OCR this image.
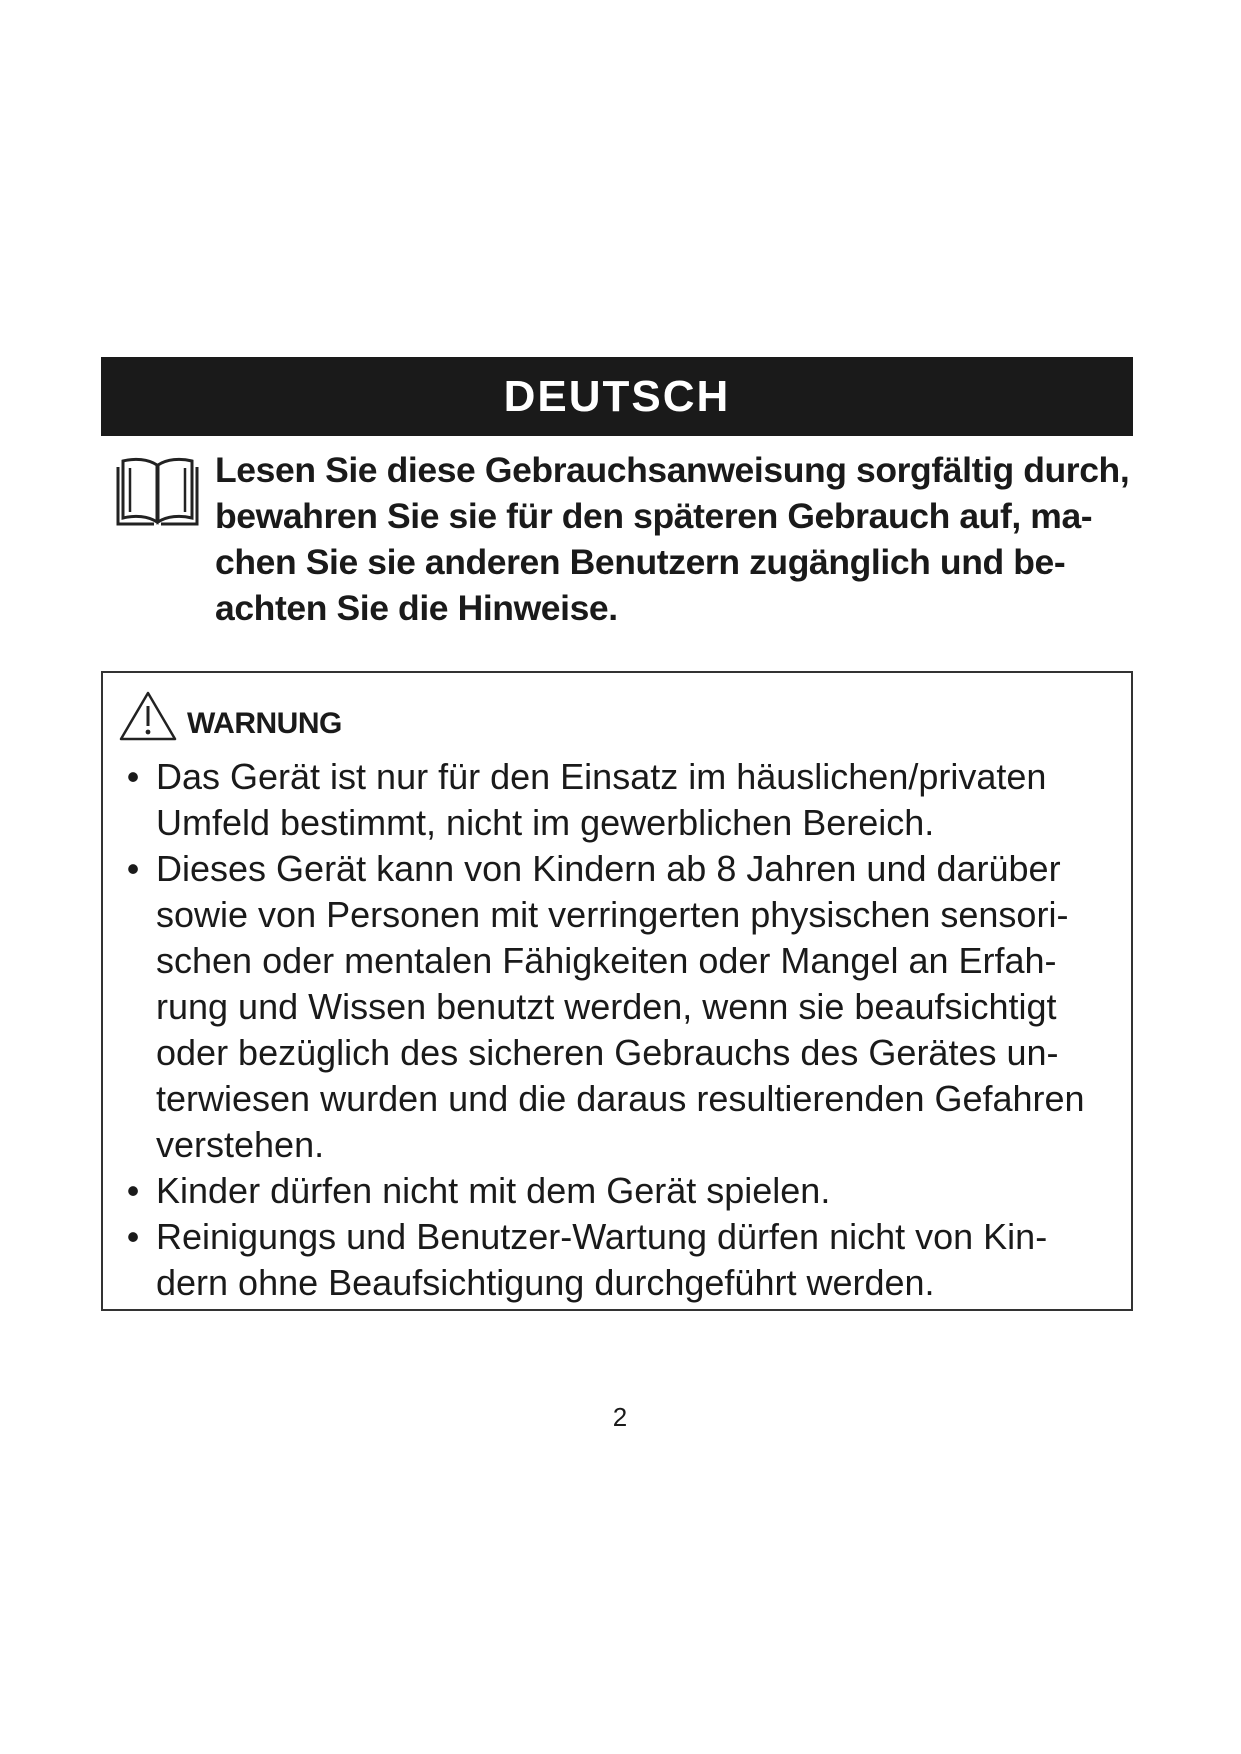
DEUTSCH
Lesen Sie diese Gebrauchsanweisung sorgfältig durch,
bewahren Sie sie für den späteren Gebrauch auf, ma-
chen Sie sie anderen Benutzern zugänglich und be-
achten Sie die Hinweise.
WARNUNG
• Das Gerät ist nur für den Einsatz im häuslichen/privaten
Umfeld bestimmt, nicht im gewerblichen Bereich.
• Dieses Gerät kann von Kindern ab 8 Jahren und darüber
sowie von Personen mit verringerten physischen sensori-
schen oder mentalen Fähigkeiten oder Mangel an Erfah-
rung und Wissen benutzt werden, wenn sie beaufsichtigt
oder bezüglich des sicheren Gebrauchs des Gerätes un-
terwiesen wurden und die daraus resultierenden Gefahren
verstehen.
• Kinder dürfen nicht mit dem Gerät spielen.
• Reinigungs und Benutzer-Wartung dürfen nicht von Kin-
dern ohne Beaufsichtigung durchgeführt werden.
2
